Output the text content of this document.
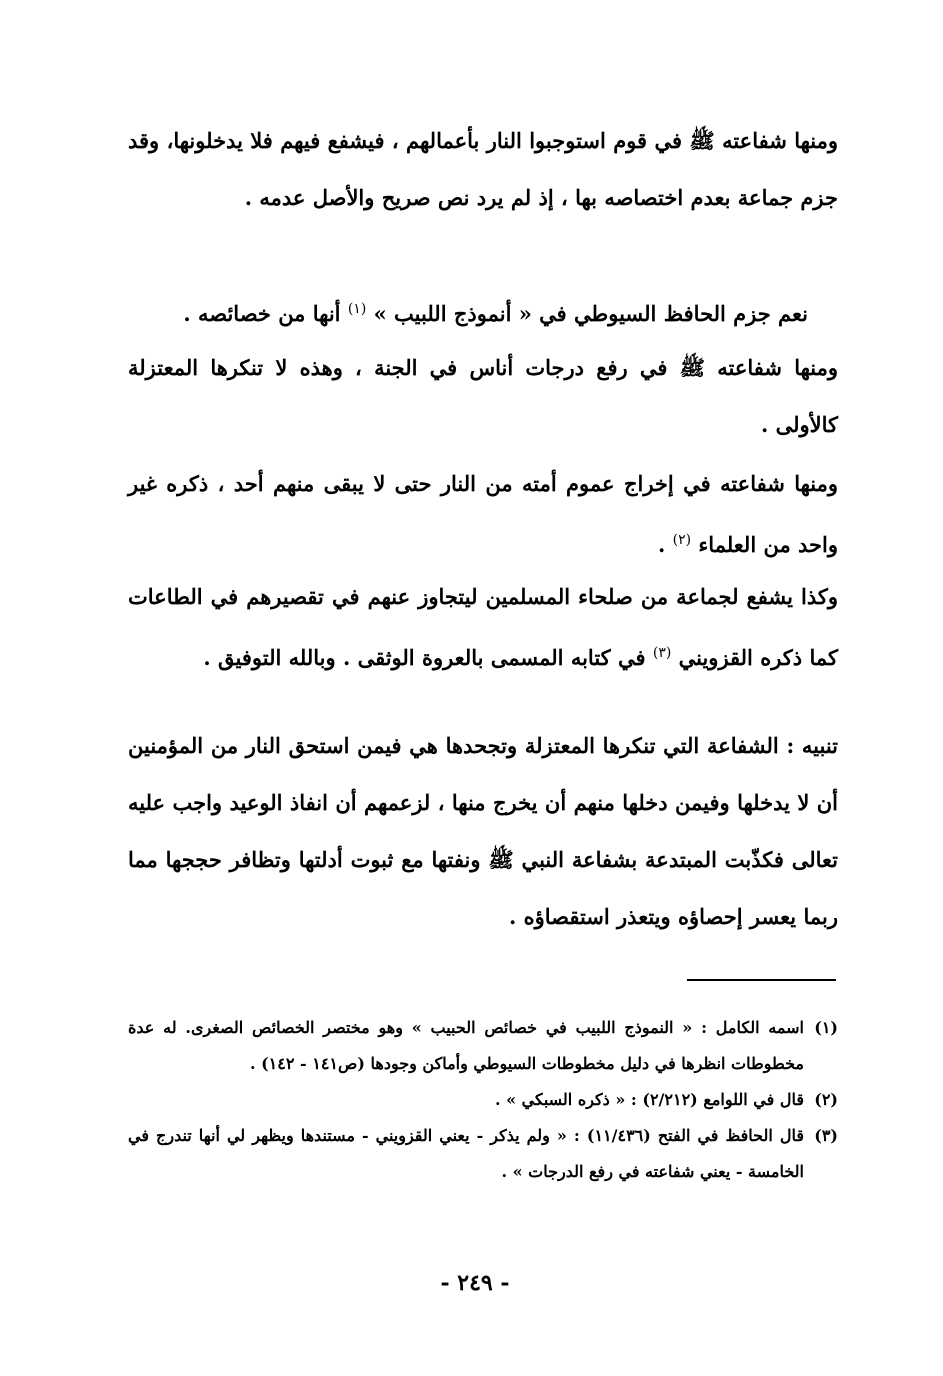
ومنها شفاعته ﷺ في قوم استوجبوا النار بأعمالهم ، فيشفع فيهم فلا يدخلونها، وقد جزم جماعة بعدم اختصاصه بها ، إذ لم يرد نص صريح والأصل عدمه .

نعم جزم الحافظ السيوطي في « أنموذج اللبيب » $^{(١)}$ أنها من خصائصه .

ومنها شفاعته ﷺ في رفع درجات أناس في الجنة ، وهذه لا تنكرها المعتزلة كالأولى .

ومنها شفاعته في إخراج عموم أمته من النار حتى لا يبقى منهم أحد ، ذكره غير واحد من العلماء $^{(٢)}$ .

وكذا يشفع لجماعة من صلحاء المسلمين ليتجاوز عنهم في تقصيرهم في الطاعات كما ذكره القزويني $^{(٣)}$ في كتابه المسمى بالعروة الوثقى . وبالله التوفيق .

تنبيه : الشفاعة التي تنكرها المعتزلة وتجحدها هي فيمن استحق النار من المؤمنين أن لا يدخلها وفيمن دخلها منهم أن يخرج منها ، لزعمهم أن انفاذ الوعيد واجب عليه تعالى فكذّبت المبتدعة بشفاعة النبي ﷺ ونفتها مع ثبوت أدلتها وتظافر حججها مما ربما يعسر إحصاؤه ويتعذر استقصاؤه .

(١)
اسمه الكامل : « النموذج اللبيب في خصائص الحبيب » وهو مختصر الخصائص الصغرى. له عدة مخطوطات انظرها في دليل مخطوطات السيوطي وأماكن وجودها (ص١٤١ - ١٤٢) .

(٢)
قال في اللوامع (٢/٢١٢) : « ذكره السبكي » .

(٣)
قال الحافظ في الفتح (١١/٤٣٦) : « ولم يذكر - يعني القزويني - مستندها ويظهر لي أنها تندرج في الخامسة - يعني شفاعته في رفع الدرجات » .

- ٢٤٩ -
